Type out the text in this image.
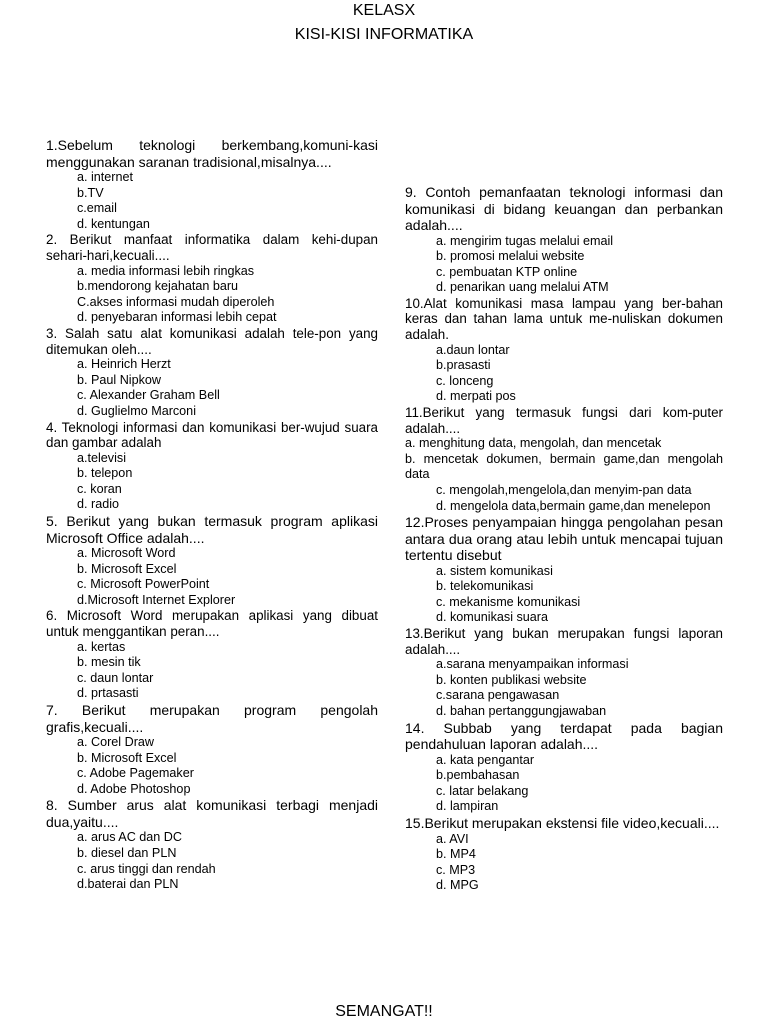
KELASX
KISI-KISI INFORMATIKA
1.Sebelum teknologi berkembang,komuni-kasi menggunakan saranan tradisional,misalnya....
a. internet
b.TV
c.email
d. kentungan
2. Berikut manfaat informatika dalam kehi-dupan sehari-hari,kecuali....
a. media informasi lebih ringkas
b.mendorong kejahatan baru
C.akses informasi mudah diperoleh
d. penyebaran informasi lebih cepat
3. Salah satu alat komunikasi adalah tele-pon yang ditemukan oleh....
a. Heinrich Herzt
b. Paul Nipkow
c. Alexander Graham Bell
d. Guglielmo Marconi
4. Teknologi informasi dan komunikasi ber-wujud suara dan gambar adalah
a.televisi
b. telepon
c. koran
d. radio
5. Berikut yang bukan termasuk program aplikasi Microsoft Office adalah....
a. Microsoft Word
b. Microsoft Excel
c. Microsoft PowerPoint
d.Microsoft Internet Explorer
6. Microsoft Word merupakan aplikasi yang dibuat untuk menggantikan peran....
a. kertas
b. mesin tik
c. daun lontar
d. prtasasti
7. Berikut merupakan program pengolah grafis,kecuali....
a. Corel Draw
b. Microsoft Excel
c. Adobe Pagemaker
d. Adobe Photoshop
8. Sumber arus alat komunikasi terbagi menjadi dua,yaitu....
a. arus AC dan DC
b. diesel dan PLN
c. arus tinggi dan rendah
d.baterai dan PLN
9. Contoh pemanfaatan teknologi informasi dan komunikasi di bidang keuangan dan perbankan adalah....
a. mengirim tugas melalui email
b. promosi melalui website
c. pembuatan KTP online
d. penarikan uang melalui ATM
10.Alat komunikasi masa lampau yang ber-bahan keras dan tahan lama untuk me-nuliskan dokumen adalah.
a.daun lontar
b.prasasti
c. lonceng
d. merpati pos
11.Berikut yang termasuk fungsi dari kom-puter adalah....
a. menghitung data, mengolah, dan mencetak
b. mencetak dokumen, bermain game,dan mengolah data
c. mengolah,mengelola,dan menyim-pan data
d. mengelola data,bermain game,dan menelepon
12.Proses penyampaian hingga pengolahan pesan antara dua orang atau lebih untuk mencapai tujuan tertentu disebut
a. sistem komunikasi
b. telekomunikasi
c. mekanisme komunikasi
d. komunikasi suara
13.Berikut yang bukan merupakan fungsi laporan adalah....
a.sarana menyampaikan informasi
b. konten publikasi website
c.sarana pengawasan
d. bahan pertanggungjawaban
14. Subbab yang terdapat pada bagian pendahuluan laporan adalah....
a. kata pengantar
b.pembahasan
c. latar belakang
d. lampiran
15.Berikut merupakan ekstensi file video,kecuali....
a. AVI
b. MP4
c. MP3
d. MPG
SEMANGAT!!
